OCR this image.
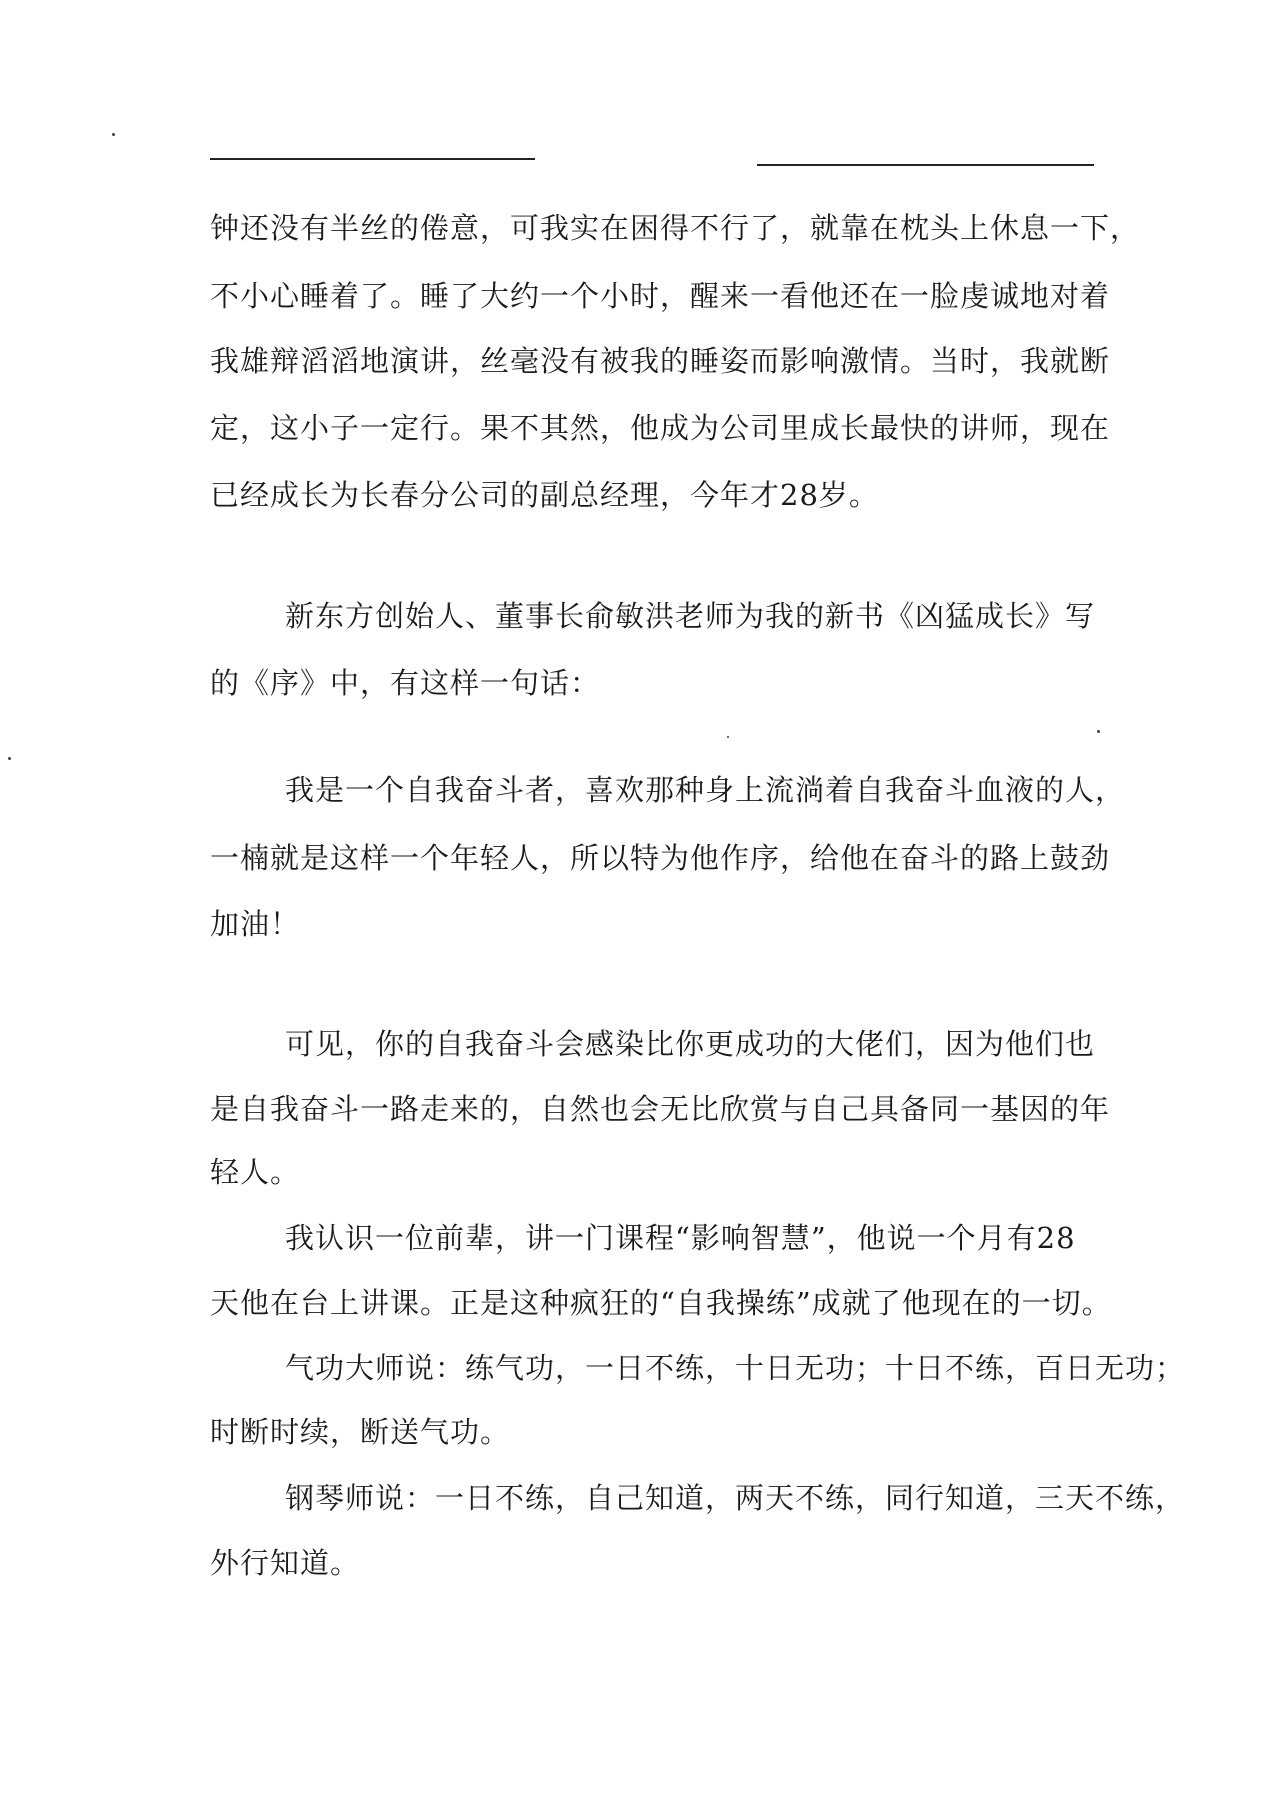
钟还没有半丝的倦意，可我实在困得不行了，就靠在枕头上休息一下，
不小心睡着了。睡了大约一个小时，醒来一看他还在一脸虔诚地对着
我雄辩滔滔地演讲，丝毫没有被我的睡姿而影响激情。当时，我就断
定，这小子一定行。果不其然，他成为公司里成长最快的讲师，现在
已经成长为长春分公司的副总经理，今年才28岁。
新东方创始人、董事长俞敏洪老师为我的新书《凶猛成长》写
的《序》中，有这样一句话：
我是一个自我奋斗者，喜欢那种身上流淌着自我奋斗血液的人，
一楠就是这样一个年轻人，所以特为他作序，给他在奋斗的路上鼓劲
加油！
可见，你的自我奋斗会感染比你更成功的大佬们，因为他们也
是自我奋斗一路走来的，自然也会无比欣赏与自己具备同一基因的年
轻人。
我认识一位前辈，讲一门课程“影响智慧”，他说一个月有28
天他在台上讲课。正是这种疯狂的“自我操练”成就了他现在的一切。
气功大师说：练气功，一日不练，十日无功；十日不练，百日无功；
时断时续，断送气功。
钢琴师说：一日不练，自己知道，两天不练，同行知道，三天不练，
外行知道。
